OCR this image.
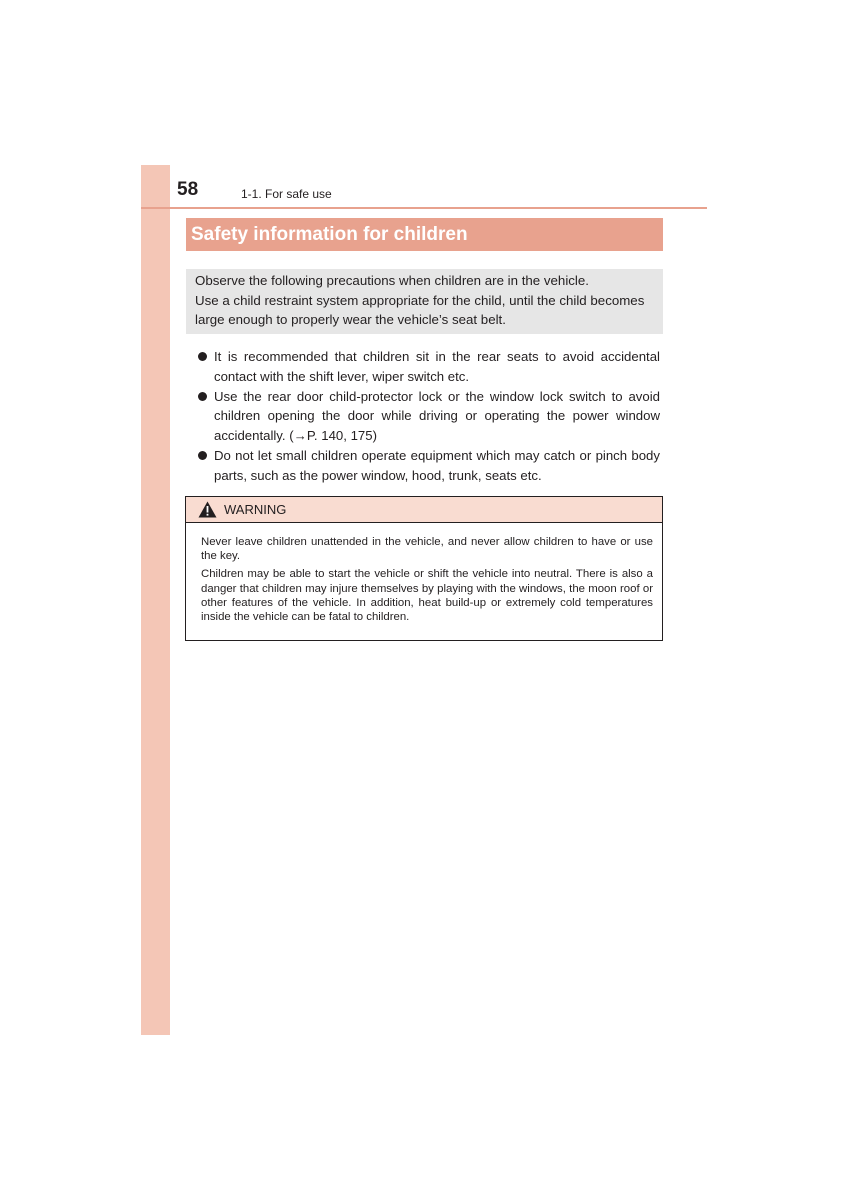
58	1-1. For safe use
Safety information for children

Observe the following precautions when children are in the vehicle.

Use a child restraint system appropriate for the child, until the child becomes

large enough to properly wear the vehicle’s seat belt.

It is recommended that children sit in the rear seats to avoid accidental contact with the shift lever, wiper switch etc.
Use the rear door child-protector lock or the window lock switch to avoid children opening the door while driving or operating the power window accidentally. (→P. 140, 175)
Do not let small children operate equipment which may catch or pinch body parts, such as the power window, hood, trunk, seats etc.
WARNING

Never leave children unattended in the vehicle, and never allow children to have or use the key.

Children may be able to start the vehicle or shift the vehicle into neutral. There is also a danger that children may injure themselves by playing with the windows, the moon roof or other features of the vehicle. In addition, heat build-up or extremely cold temperatures inside the vehicle can be fatal to children.
